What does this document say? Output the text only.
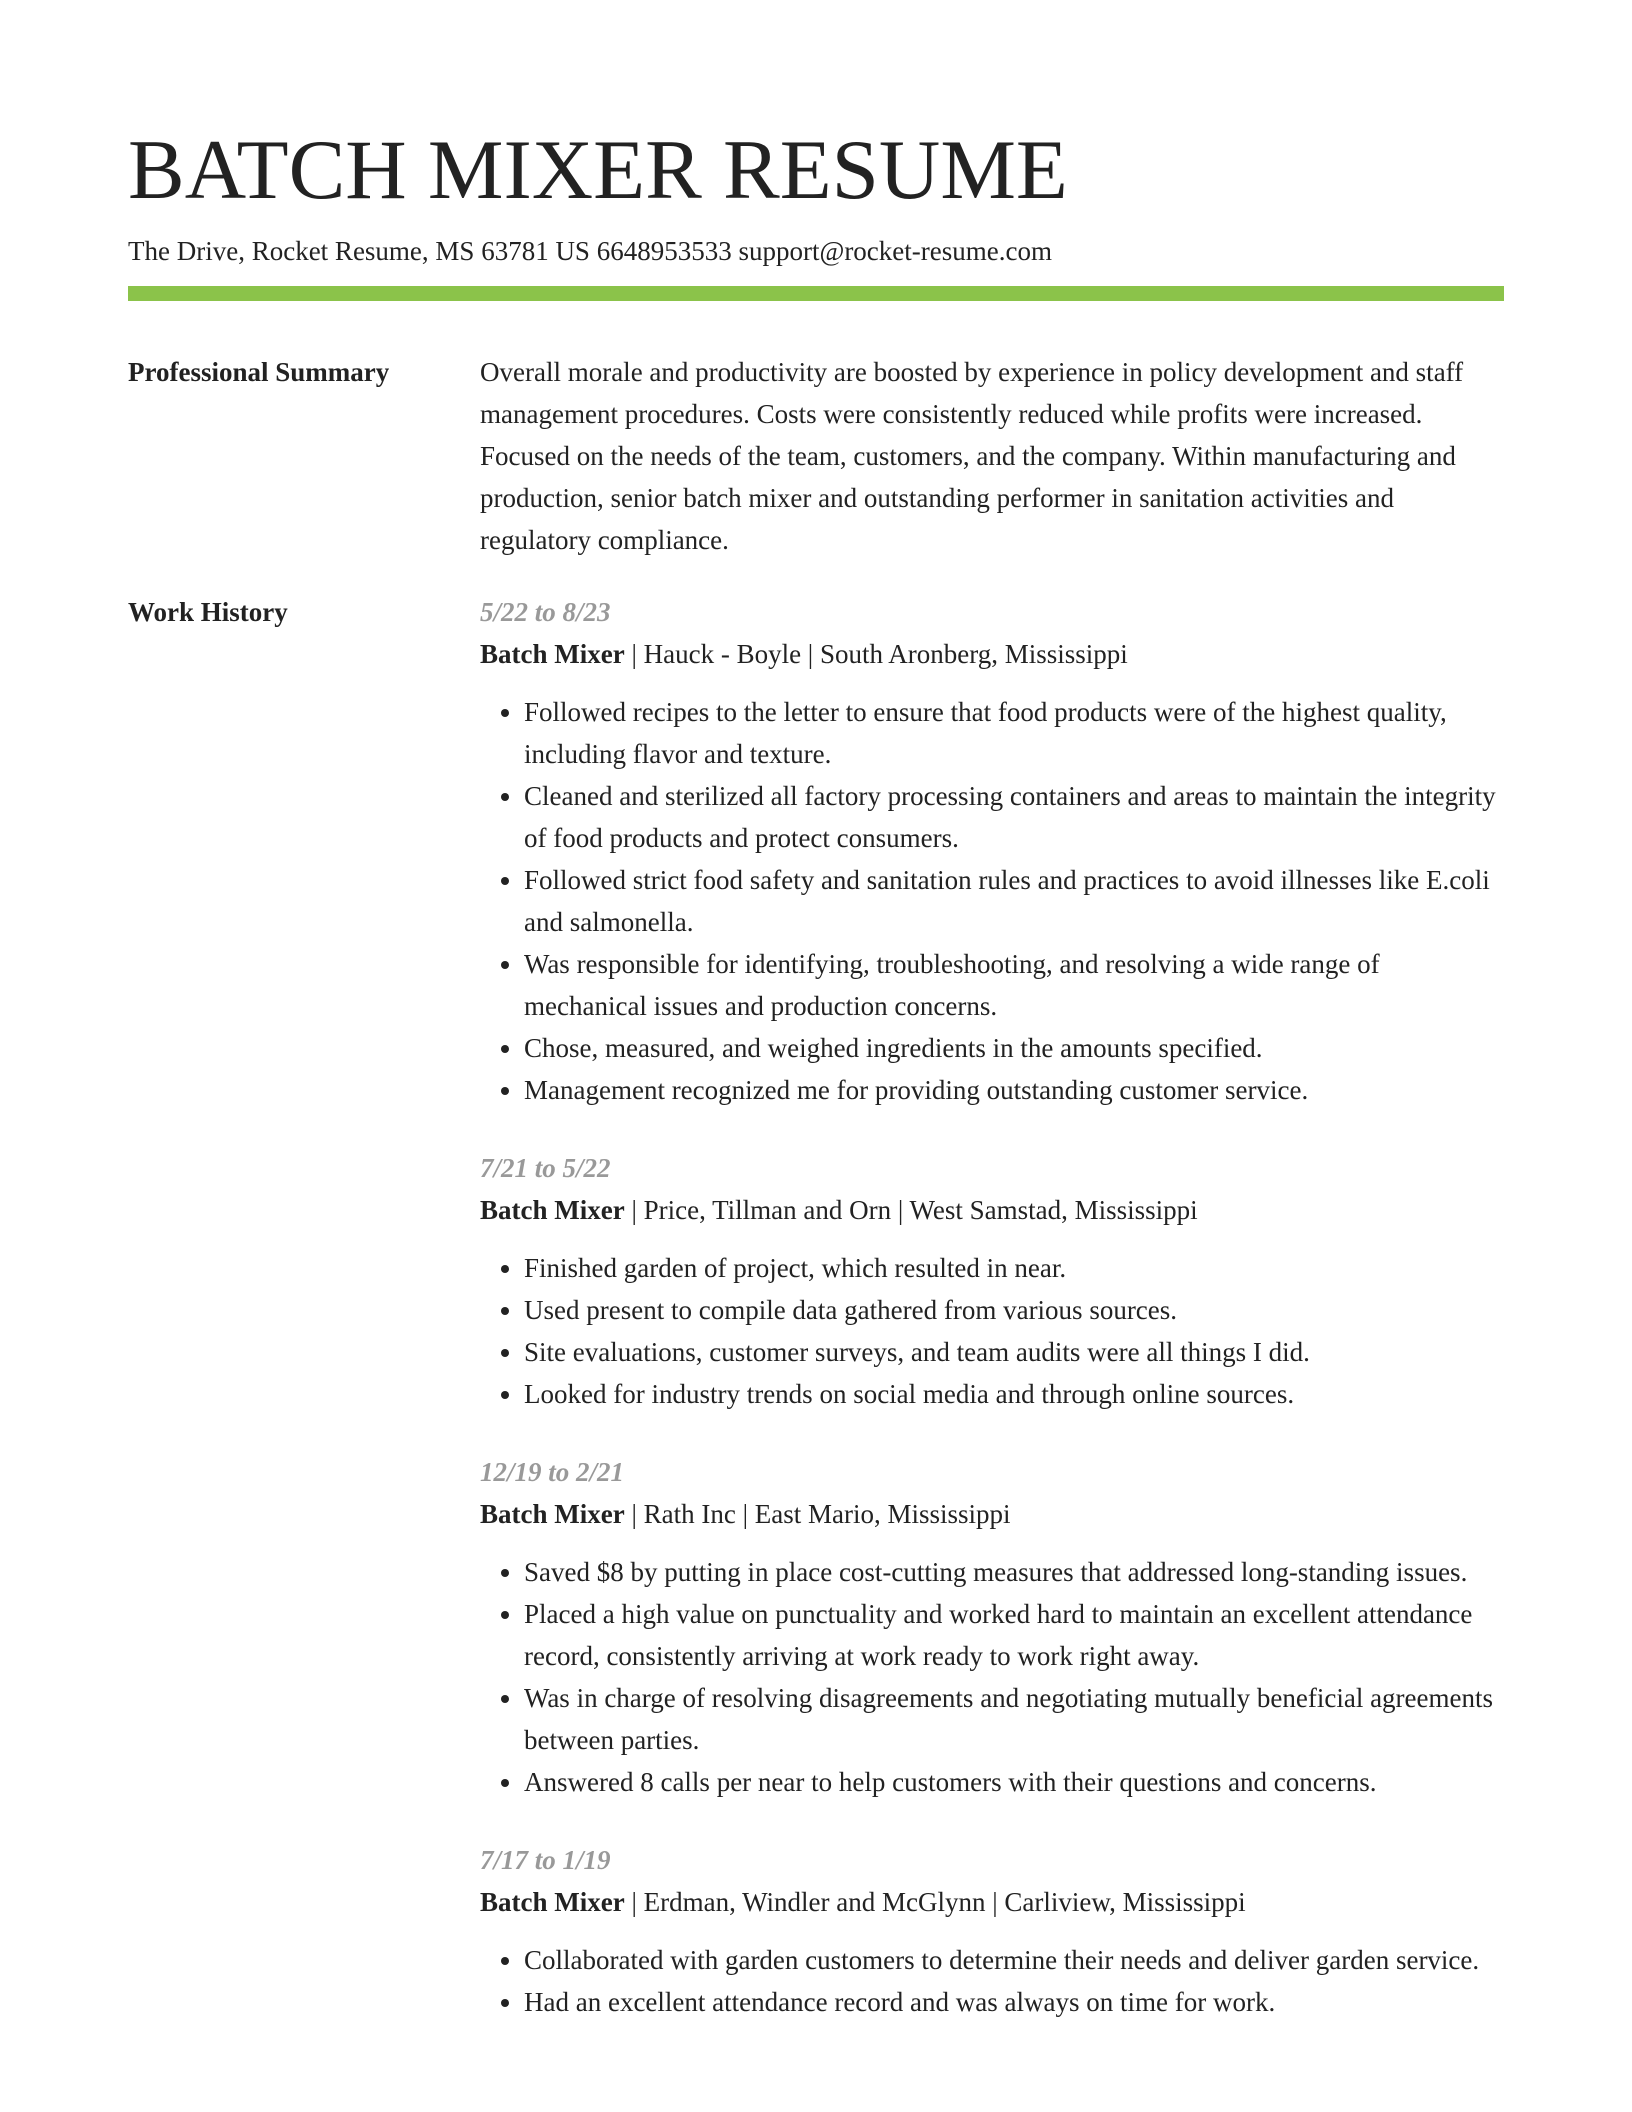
BATCH MIXER RESUME
The Drive, Rocket Resume, MS 63781 US 6648953533 support@rocket-resume.com
Professional Summary	Overall morale and productivity are boosted by experience in policy development and staff management procedures. Costs were consistently reduced while profits were increased. Focused on the needs of the team, customers, and the company. Within manufacturing and production, senior batch mixer and outstanding performer in sanitation activities and regulatory compliance.
Work History	5/22 to 8/23
Batch Mixer | Hauck - Boyle | South Aronberg, Mississippi
• Followed recipes to the letter to ensure that food products were of the highest quality, including flavor and texture.
• Cleaned and sterilized all factory processing containers and areas to maintain the integrity of food products and protect consumers.
• Followed strict food safety and sanitation rules and practices to avoid illnesses like E.coli and salmonella.
• Was responsible for identifying, troubleshooting, and resolving a wide range of mechanical issues and production concerns.
• Chose, measured, and weighed ingredients in the amounts specified.
• Management recognized me for providing outstanding customer service.
7/21 to 5/22
Batch Mixer | Price, Tillman and Orn | West Samstad, Mississippi
• Finished garden of project, which resulted in near.
• Used present to compile data gathered from various sources.
• Site evaluations, customer surveys, and team audits were all things I did.
• Looked for industry trends on social media and through online sources.
12/19 to 2/21
Batch Mixer | Rath Inc | East Mario, Mississippi
• Saved $8 by putting in place cost-cutting measures that addressed long-standing issues.
• Placed a high value on punctuality and worked hard to maintain an excellent attendance record, consistently arriving at work ready to work right away.
• Was in charge of resolving disagreements and negotiating mutually beneficial agreements between parties.
• Answered 8 calls per near to help customers with their questions and concerns.
7/17 to 1/19
Batch Mixer | Erdman, Windler and McGlynn | Carliview, Mississippi
• Collaborated with garden customers to determine their needs and deliver garden service.
• Had an excellent attendance record and was always on time for work.
